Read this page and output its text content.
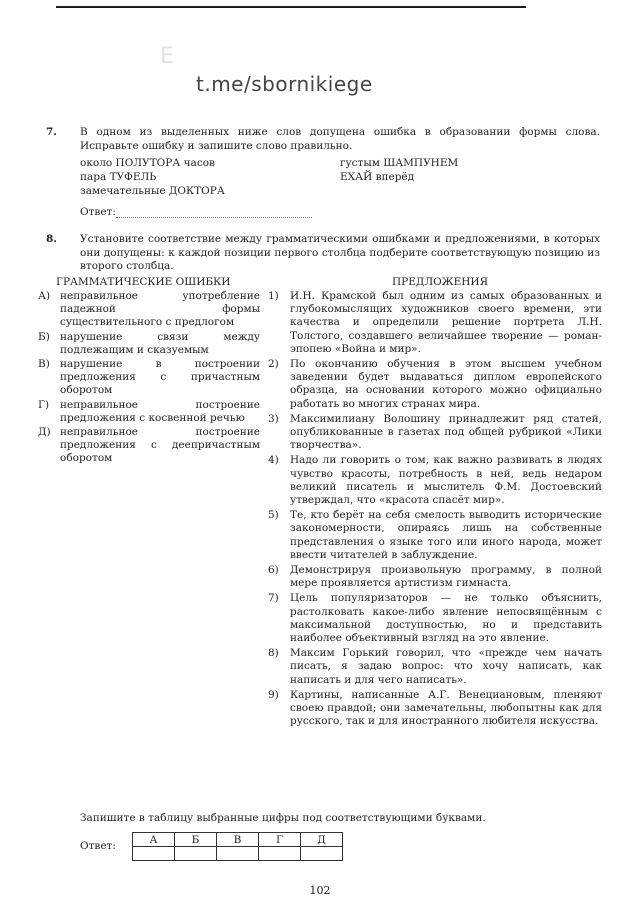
Е
t.me/sbornikiege
7. В одном из выделенных ниже слов допущена ошибка в образовании формы слова. Исправьте ошибку и запишите слово правильно.
около ПОЛУТОРА часов
пара ТУФЕЛЬ
замечательные ДОКТОРА
густым ШАМПУНЕМ
ЕХАЙ вперёд
Ответ:
8. Установите соответствие между грамматическими ошибками и предложениями, в которых они допущены: к каждой позиции первого столбца подберите соответствующую позицию из второго столбца.
ГРАММАТИЧЕСКИЕ ОШИБКИ	ПРЕДЛОЖЕНИЯ
А) неправильное употребление падежной формы существительного с предлогом
Б) нарушение связи между подлежащим и сказуемым
В) нарушение в построении предложения с причастным оборотом
Г)	неправильное построение предложения с косвенной речью
Д) неправильное построение предложения с деепричастным оборотом
1)	И.Н. Крамской был одним из самых образованных и глубокомыслящих художников своего времени, эти качества и определили решение портрета Л.Н. Толстого, создавшего величайшее творение — роман-эпопею «Война и мир».
2)	По окончанию обучения в этом высшем учебном заведении будет выдаваться диплом европейского образца, на основании которого можно официально работать во многих странах мира.
3)	Максимилиану Волошину принадлежит ряд статей, опубликованные в газетах под общей рубрикой «Лики творчества».
4)	Надо ли говорить о том, как важно развивать в людях чувство красоты, потребность в ней, ведь недаром великий писатель и мыслитель Ф.М. Достоевский утверждал, что «красота спасёт мир».
5)	Те, кто берёт на себя смелость выводить исторические закономерности, опираясь лишь на собственные представления о языке того или иного народа, может ввести читателей в заблуждение.
6)	Демонстрируя произвольную программу, в полной мере проявляется артистизм гимнаста.
7)	Цель популяризаторов — не только объяснить, растолковать какое-либо явление непосвящённым с максимальной доступностью, но и представить наиболее объективный взгляд на это явление.
8)	Максим Горький говорил, что «прежде чем начать писать, я задаю вопрос: что хочу написать, как написать и для чего написать».
9)	Картины, написанные А.Г. Венециановым, пленяют своею правдой; они замечательны, любопытны как для русского, так и для иностранного любителя искусства.
Запишите в таблицу выбранные цифры под соответствующими буквами.
Ответ:
А	Б	В	Г	Д

102
